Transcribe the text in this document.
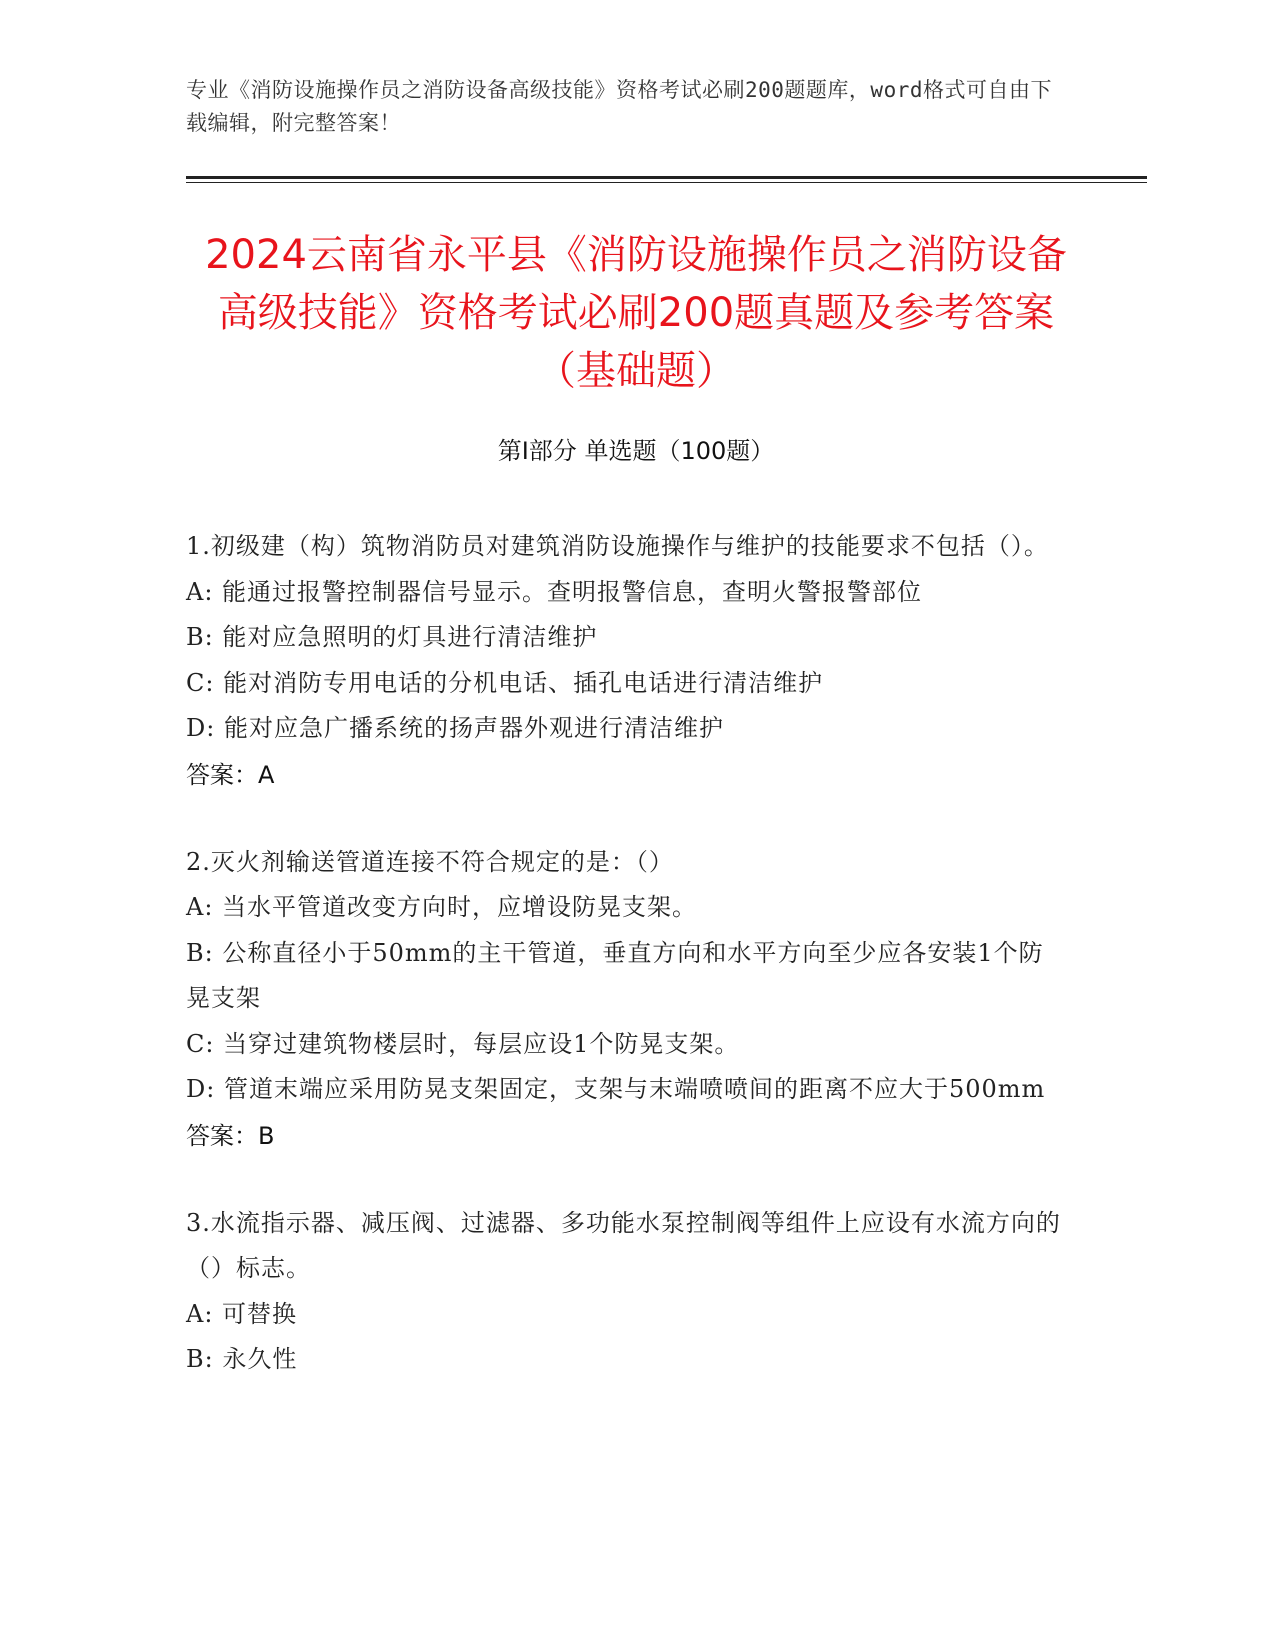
专业《消防设施操作员之消防设备高级技能》资格考试必刷200题题库，word格式可自由下载编辑，附完整答案！
2024云南省永平县《消防设施操作员之消防设备高级技能》资格考试必刷200题真题及参考答案（基础题）
第I部分 单选题（100题）
1.初级建（构）筑物消防员对建筑消防设施操作与维护的技能要求不包括（）。
A: 能通过报警控制器信号显示。查明报警信息，查明火警报警部位
B: 能对应急照明的灯具进行清洁维护
C: 能对消防专用电话的分机电话、插孔电话进行清洁维护
D: 能对应急广播系统的扬声器外观进行清洁维护
答案：A
2.灭火剂输送管道连接不符合规定的是：（）
A: 当水平管道改变方向时，应增设防晃支架。
B: 公称直径小于50mm的主干管道，垂直方向和水平方向至少应各安装1个防晃支架
C: 当穿过建筑物楼层时，每层应设1个防晃支架。
D: 管道末端应采用防晃支架固定，支架与末端喷喷间的距离不应大于500mm
答案：B
3.水流指示器、减压阀、过滤器、多功能水泵控制阀等组件上应设有水流方向的（）标志。
A: 可替换
B: 永久性
